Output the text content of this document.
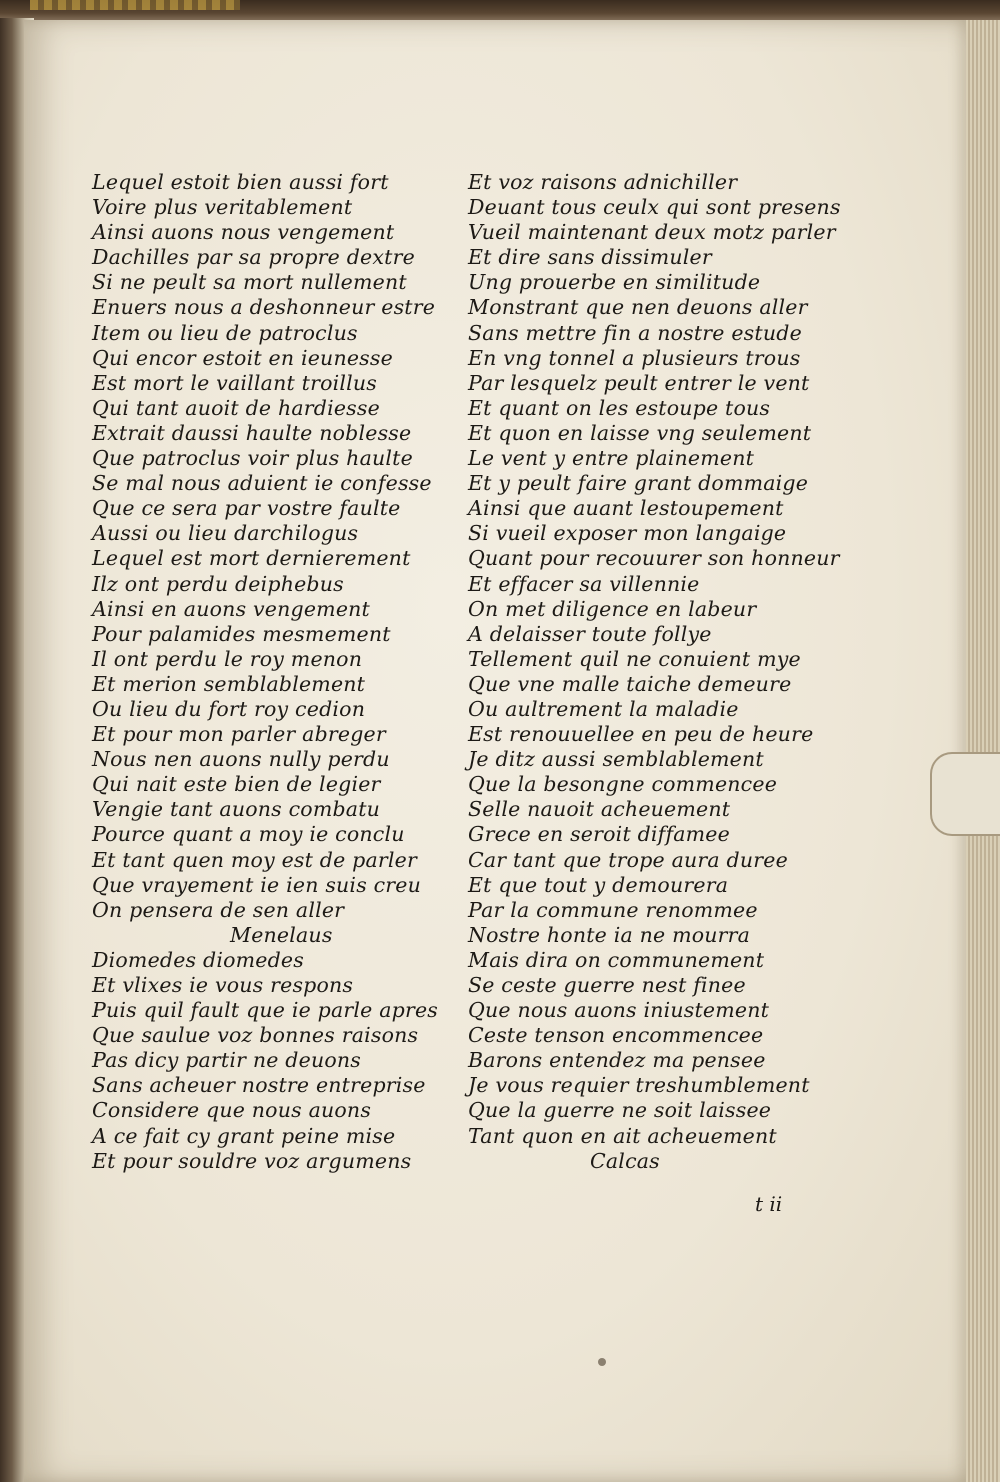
Lequel estoit bien aussi fort
Voire plus veritablement
Ainsi auons nous vengement
Dachilles par sa propre dextre
Si ne peult sa mort nullement
Enuers nous a deshonneur estre
Item ou lieu de patroclus
Qui encor estoit en ieunesse
Est mort le vaillant troillus
Qui tant auoit de hardiesse
Extrait daussi haulte noblesse
Que patroclus voir plus haulte
Se mal nous aduient ie confesse
Que ce sera par vostre faulte
Aussi ou lieu darchilogus
Lequel est mort dernierement
Ilz ont perdu deiphebus
Ainsi en auons vengement
Pour palamides mesmement
Il ont perdu le roy menon
Et merion semblablement
Ou lieu du fort roy cedion
Et pour mon parler abreger
Nous nen auons nully perdu
Qui nait este bien de legier
Vengie tant auons combatu
Pource quant a moy ie conclu
Et tant quen moy est de parler
Que vrayement ie ien suis creu
On pensera de sen aller
Menelaus
Diomedes diomedes
Et vlixes ie vous respons
Puis quil fault que ie parle apres
Que saulue voz bonnes raisons
Pas dicy partir ne deuons
Sans acheuer nostre entreprise
Considere que nous auons
A ce fait cy grant peine mise
Et pour souldre voz argumens
Et voz raisons adnichiller
Deuant tous ceulx qui sont presens
Vueil maintenant deux motz parler
Et dire sans dissimuler
Ung prouerbe en similitude
Monstrant que nen deuons aller
Sans mettre fin a nostre estude
En vng tonnel a plusieurs trous
Par lesquelz peult entrer le vent
Et quant on les estoupe tous
Et quon en laisse vng seulement
Le vent y entre plainement
Et y peult faire grant dommaige
Ainsi que auant lestoupement
Si vueil exposer mon langaige
Quant pour recouurer son honneur
Et effacer sa villennie
On met diligence en labeur
A delaisser toute follye
Tellement quil ne conuient mye
Que vne malle taiche demeure
Ou aultrement la maladie
Est renouuellee en peu de heure
Je ditz aussi semblablement
Que la besongne commencee
Selle nauoit acheuement
Grece en seroit diffamee
Car tant que trope aura duree
Et que tout y demourera
Par la commune renommee
Nostre honte ia ne mourra
Mais dira on communement
Se ceste guerre nest finee
Que nous auons iniustement
Ceste tenson encommencee
Barons entendez ma pensee
Je vous requier treshumblement
Que la guerre ne soit laissee
Tant quon en ait acheuement
Calcas
t ii
